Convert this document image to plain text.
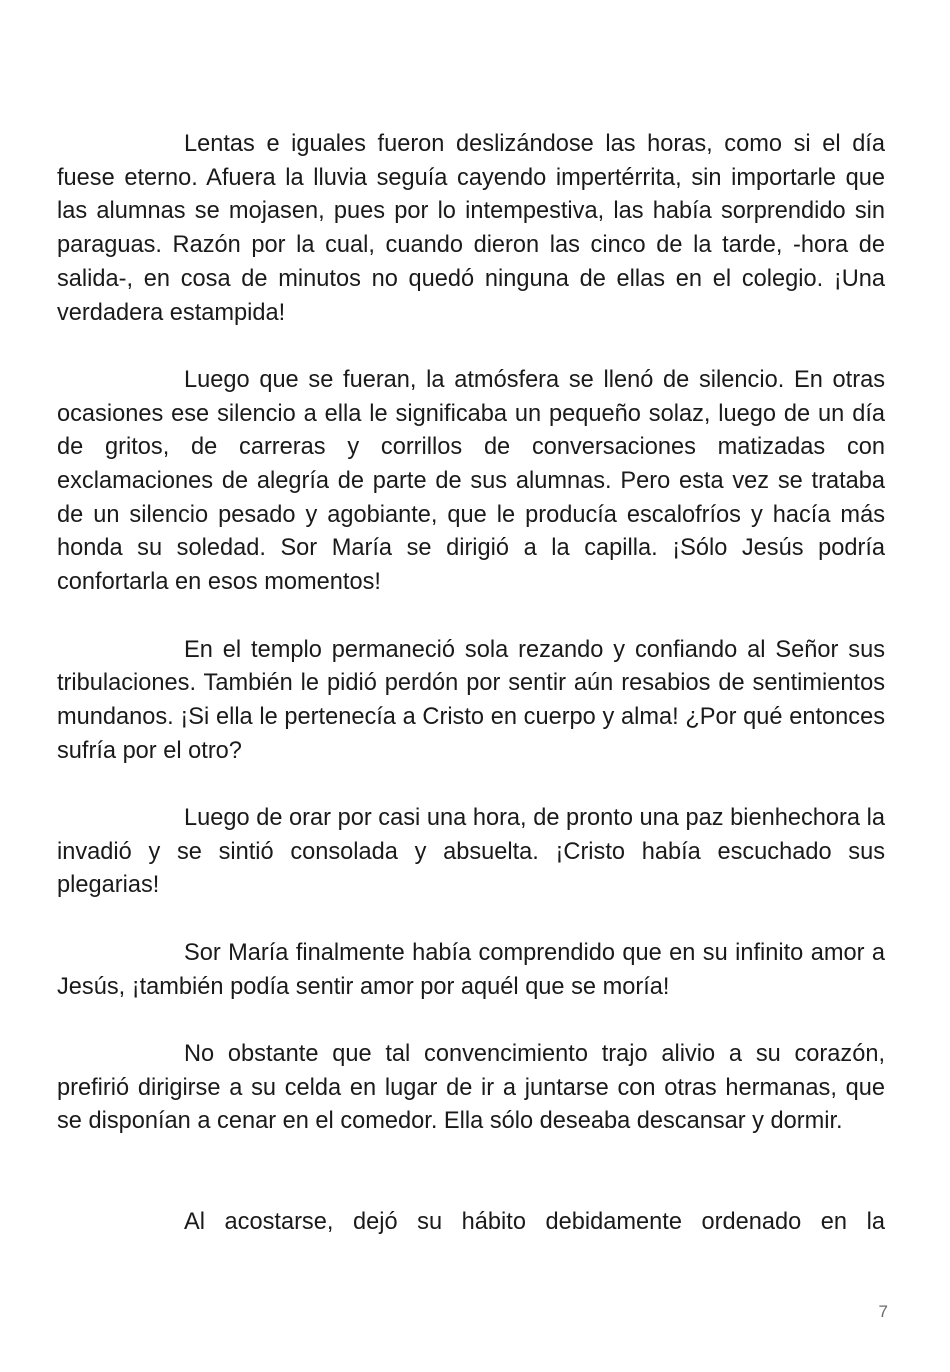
Lentas e iguales fueron deslizándose las horas, como si el día fuese eterno. Afuera la lluvia seguía cayendo impertérrita, sin importarle que las alumnas se mojasen, pues por lo intempestiva, las había sorprendido sin paraguas. Razón por la cual, cuando dieron las cinco de la tarde, -hora de salida-, en cosa de minutos no quedó ninguna de ellas en el colegio. ¡Una verdadera estampida!

Luego que se fueran, la atmósfera se llenó de silencio. En otras ocasiones ese silencio a ella le significaba un pequeño solaz, luego de un día de gritos, de carreras y corrillos de conversaciones matizadas con exclamaciones de alegría de parte de sus alumnas. Pero esta vez se trataba de un silencio pesado y agobiante, que le producía escalofríos y hacía más honda su soledad. Sor María se dirigió a la capilla. ¡Sólo Jesús podría confortarla en esos momentos!

En el templo permaneció sola rezando y confiando al Señor sus tribulaciones. También le pidió perdón por sentir aún resabios de sentimientos mundanos. ¡Si ella le pertenecía a Cristo en cuerpo y alma! ¿Por qué entonces sufría por el otro?

Luego de orar por casi una hora, de pronto una paz bienhechora la invadió y se sintió consolada y absuelta. ¡Cristo había escuchado sus plegarias!

Sor María finalmente había comprendido que en su infinito amor a Jesús, ¡también podía sentir amor por aquél que se moría!

No obstante que tal convencimiento trajo alivio a su corazón, prefirió dirigirse a su celda en lugar de ir a juntarse con otras hermanas, que se disponían a cenar en el comedor. Ella sólo deseaba descansar y dormir.

Al acostarse, dejó su hábito debidamente ordenado en la

7
